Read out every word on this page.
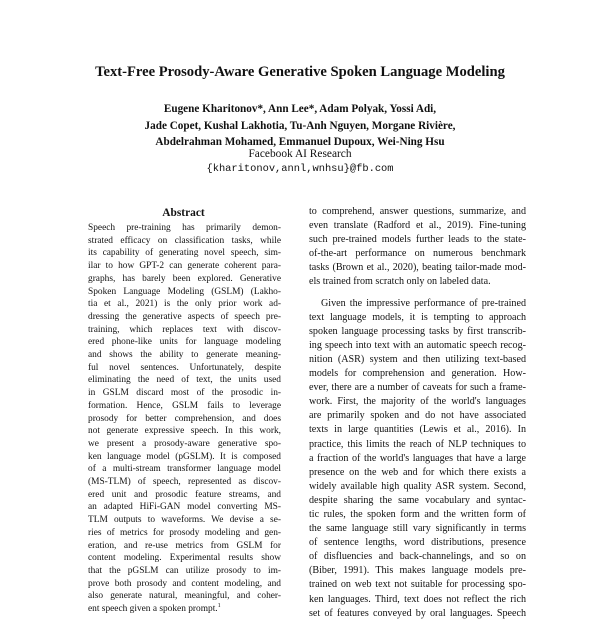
Text-Free Prosody-Aware Generative Spoken Language Modeling
Eugene Kharitonov*, Ann Lee*, Adam Polyak, Yossi Adi,
Jade Copet, Kushal Lakhotia, Tu-Anh Nguyen, Morgane Rivière,
Abdelrahman Mohamed, Emmanuel Dupoux, Wei-Ning Hsu
Facebook AI Research
{kharitonov,annl,wnhsu}@fb.com
Abstract
Speech pre-training has primarily demon-
strated efficacy on classification tasks, while
its capability of generating novel speech, sim-
ilar to how GPT-2 can generate coherent para-
graphs, has barely been explored. Generative
Spoken Language Modeling (GSLM) (Lakho-
tia et al., 2021) is the only prior work ad-
dressing the generative aspects of speech pre-
training, which replaces text with discov-
ered phone-like units for language modeling
and shows the ability to generate meaning-
ful novel sentences. Unfortunately, despite
eliminating the need of text, the units used
in GSLM discard most of the prosodic in-
formation. Hence, GSLM fails to leverage
prosody for better comprehension, and does
not generate expressive speech. In this work,
we present a prosody-aware generative spo-
ken language model (pGSLM). It is composed
of a multi-stream transformer language model
(MS-TLM) of speech, represented as discov-
ered unit and prosodic feature streams, and
an adapted HiFi-GAN model converting MS-
TLM outputs to waveforms. We devise a se-
ries of metrics for prosody modeling and gen-
eration, and re-use metrics from GSLM for
content modeling. Experimental results show
that the pGSLM can utilize prosody to im-
prove both prosody and content modeling, and
also generate natural, meaningful, and coher-
ent speech given a spoken prompt.$^1$
to comprehend, answer questions, summarize, and
even translate (Radford et al., 2019). Fine-tuning
such pre-trained models further leads to the state-
of-the-art performance on numerous benchmark
tasks (Brown et al., 2020), beating tailor-made mod-
els trained from scratch only on labeled data.
Given the impressive performance of pre-trained
text language models, it is tempting to approach
spoken language processing tasks by first transcrib-
ing speech into text with an automatic speech recog-
nition (ASR) system and then utilizing text-based
models for comprehension and generation. How-
ever, there are a number of caveats for such a frame-
work. First, the majority of the world's languages
are primarily spoken and do not have associated
texts in large quantities (Lewis et al., 2016). In
practice, this limits the reach of NLP techniques to
a fraction of the world's languages that have a large
presence on the web and for which there exists a
widely available high quality ASR system. Second,
despite sharing the same vocabulary and syntac-
tic rules, the spoken form and the written form of
the same language still vary significantly in terms
of sentence lengths, word distributions, presence
of disfluencies and back-channelings, and so on
(Biber, 1991). This makes language models pre-
trained on web text not suitable for processing spo-
ken languages. Third, text does not reflect the rich
set of features conveyed by oral languages. Speech
